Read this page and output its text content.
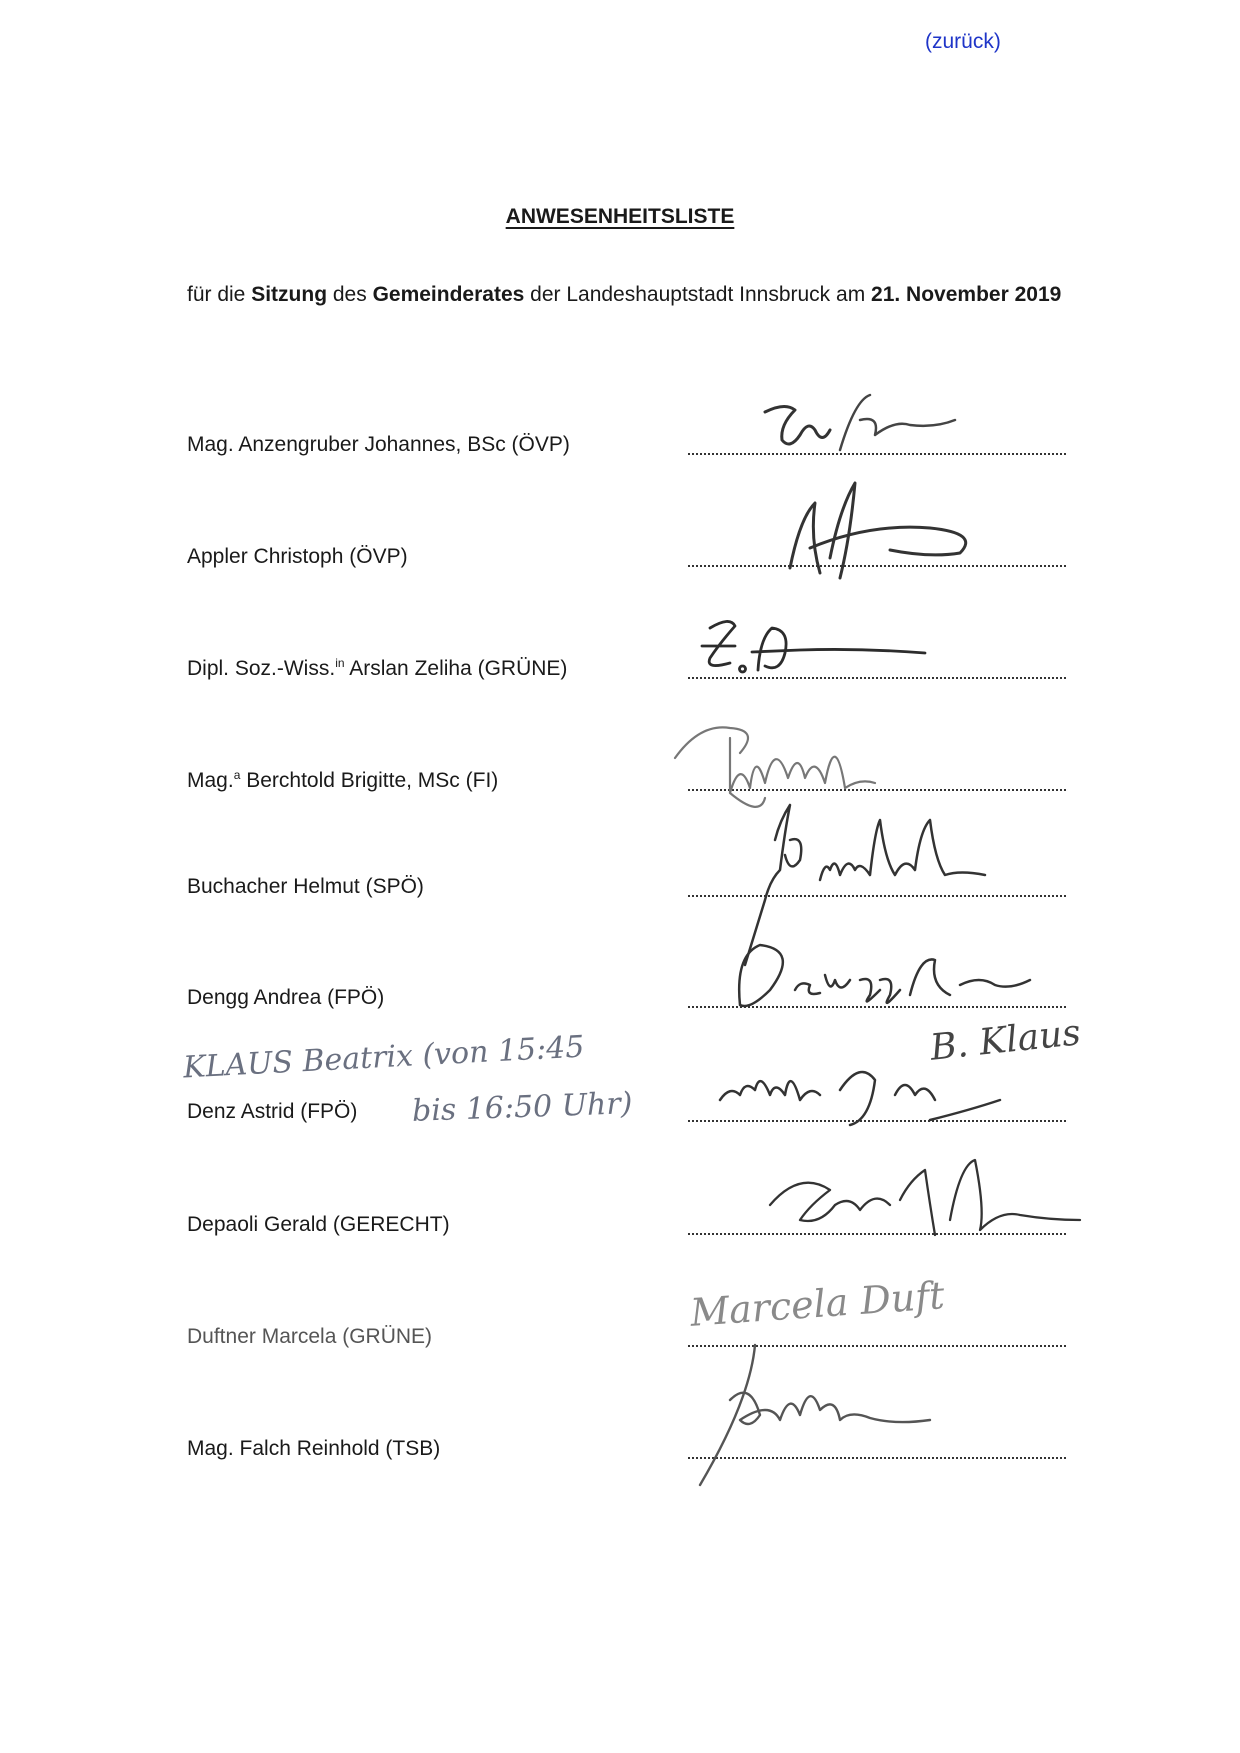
(zurück)
ANWESENHEITSLISTE
für die Sitzung des Gemeinderates der Landeshauptstadt Innsbruck am 21. November 2019
Mag. Anzengruber Johannes, BSc (ÖVP)
Appler Christoph (ÖVP)
Dipl. Soz.-Wiss.$^{in}$ Arslan Zeliha (GRÜNE)
Mag.$^a$ Berchtold Brigitte, MSc (FI)
Buchacher Helmut (SPÖ)
Dengg Andrea (FPÖ)
Denz Astrid (FPÖ)
Depaoli Gerald (GERECHT)
Duftner Marcela (GRÜNE)
Mag. Falch Reinhold (TSB)
KLAUS Beatrix (von 15:45
bis 16:50 Uhr)
B. Klaus
Marcela Duft
